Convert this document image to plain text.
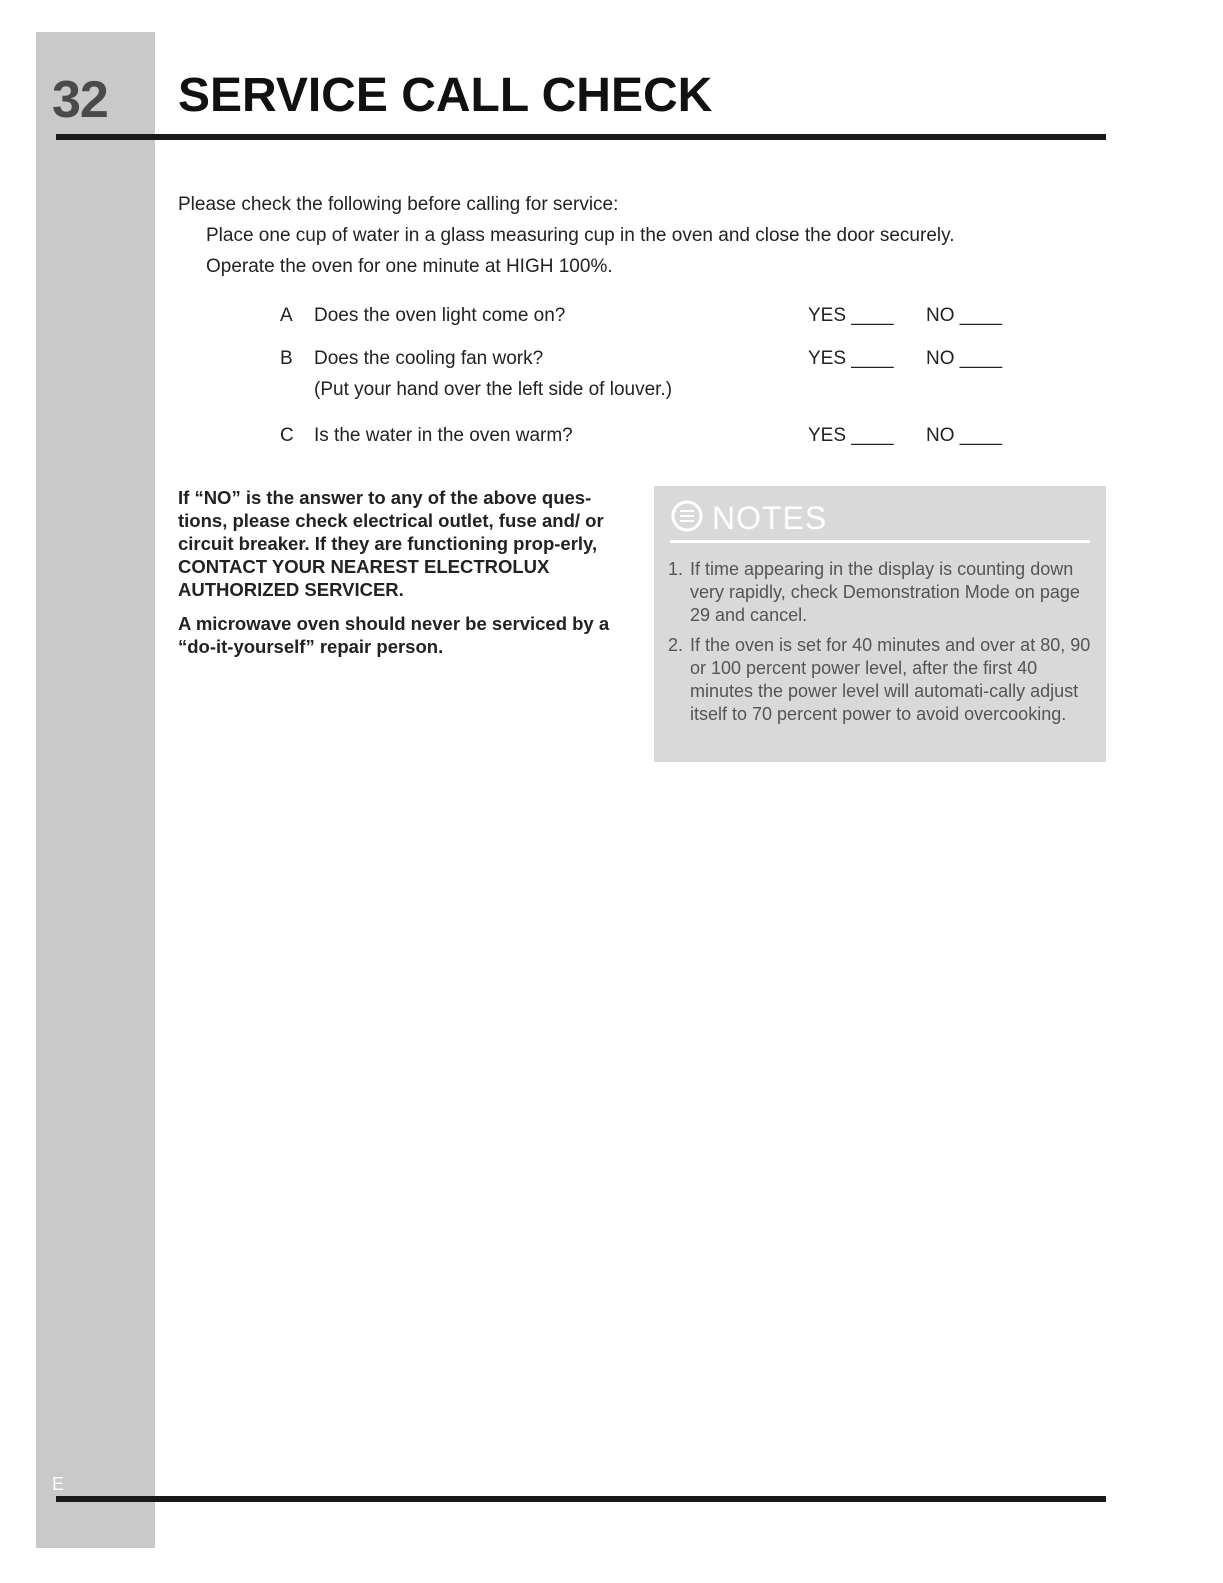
32
E
SERVICE CALL CHECK
Please check the following before calling for service:
Place one cup of water in a glass measuring cup in the oven and close the door securely.
Operate the oven for one minute at HIGH 100%.
A Does the oven light come on?	YES ____ NO ____
B Does the cooling fan work?
(Put your hand over the left side of louver.)
YES ____ NO ____
C Is the water in the oven warm?	YES ____ NO ____
If “NO” is the answer to any of the above ques-tions, please check electrical outlet, fuse and/ or circuit breaker. If they are functioning prop-erly, CONTACT YOUR NEAREST ELECTROLUX AUTHORIZED SERVICER.
A microwave oven should never be serviced by a “do-it-yourself” repair person.
NOTES
1. If time appearing in the display is counting down very rapidly, check Demonstration Mode on page 29 and cancel.
2. If the oven is set for 40 minutes and over at 80, 90 or 100 percent power level, after the first 40 minutes the power level will automati-cally adjust itself to 70 percent power to avoid overcooking.
